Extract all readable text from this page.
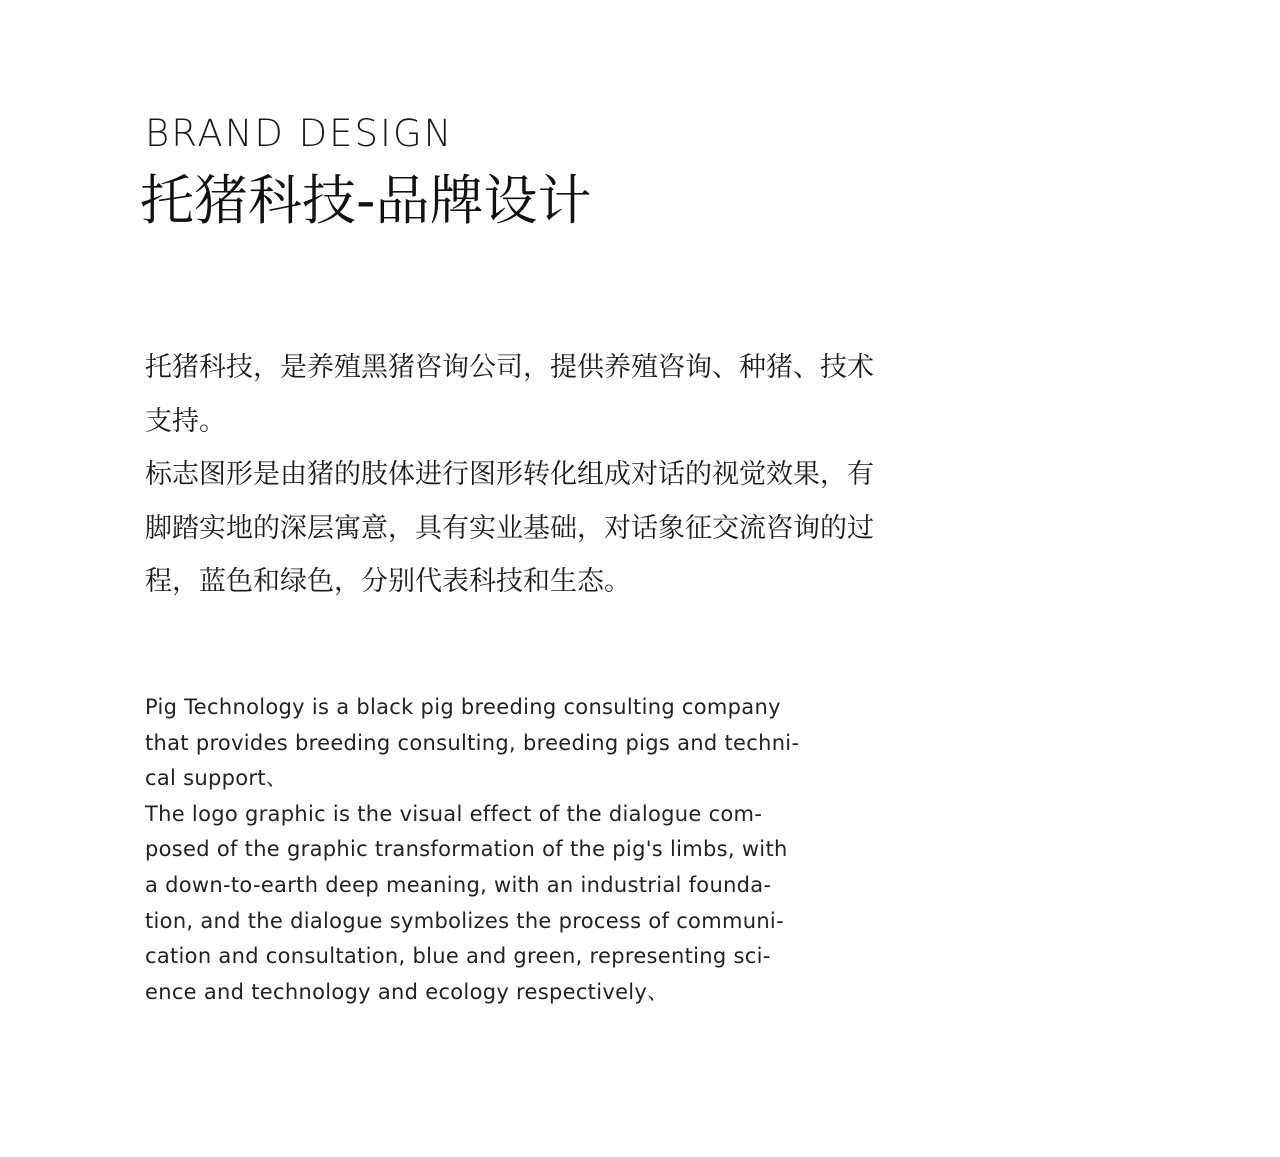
BRAND DESIGN
托猪科技-品牌设计

托猪科技，是养殖黑猪咨询公司，提供养殖咨询、种猪、技术

支持。

标志图形是由猪的肢体进行图形转化组成对话的视觉效果，有

脚踏实地的深层寓意，具有实业基础，对话象征交流咨询的过

程，蓝色和绿色，分别代表科技和生态。

Pig Technology is a black pig breeding consulting company

that provides breeding consulting, breeding pigs and techni-

cal support、

The logo graphic is the visual effect of the dialogue com-

posed of the graphic transformation of the pig's limbs, with

a down-to-earth deep meaning, with an industrial founda-

tion, and the dialogue symbolizes the process of communi-

cation and consultation, blue and green, representing sci-

ence and technology and ecology respectively、
